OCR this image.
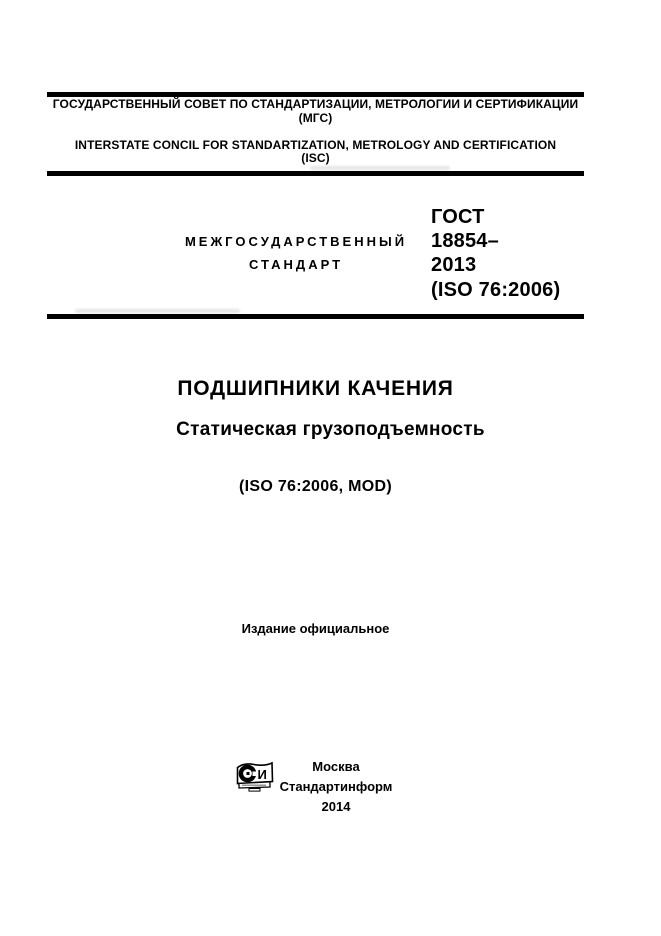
ГОСУДАРСТВЕННЫЙ СОВЕТ ПО СТАНДАРТИЗАЦИИ, МЕТРОЛОГИИ И СЕРТИФИКАЦИИ
(МГС)
INTERSTATE CONCIL FOR STANDARTIZATION, METROLOGY AND CERTIFICATION
(ISC)
МЕЖГОСУДАРСТВЕННЫЙ
СТАНДАРТ
ГОСТ
18854–
2013
(ISO 76:2006)
ПОДШИПНИКИ КАЧЕНИЯ
Статическая грузоподъемность
(ISO 76:2006, MOD)
Издание официальное
И
Москва
Стандартинформ
2014
